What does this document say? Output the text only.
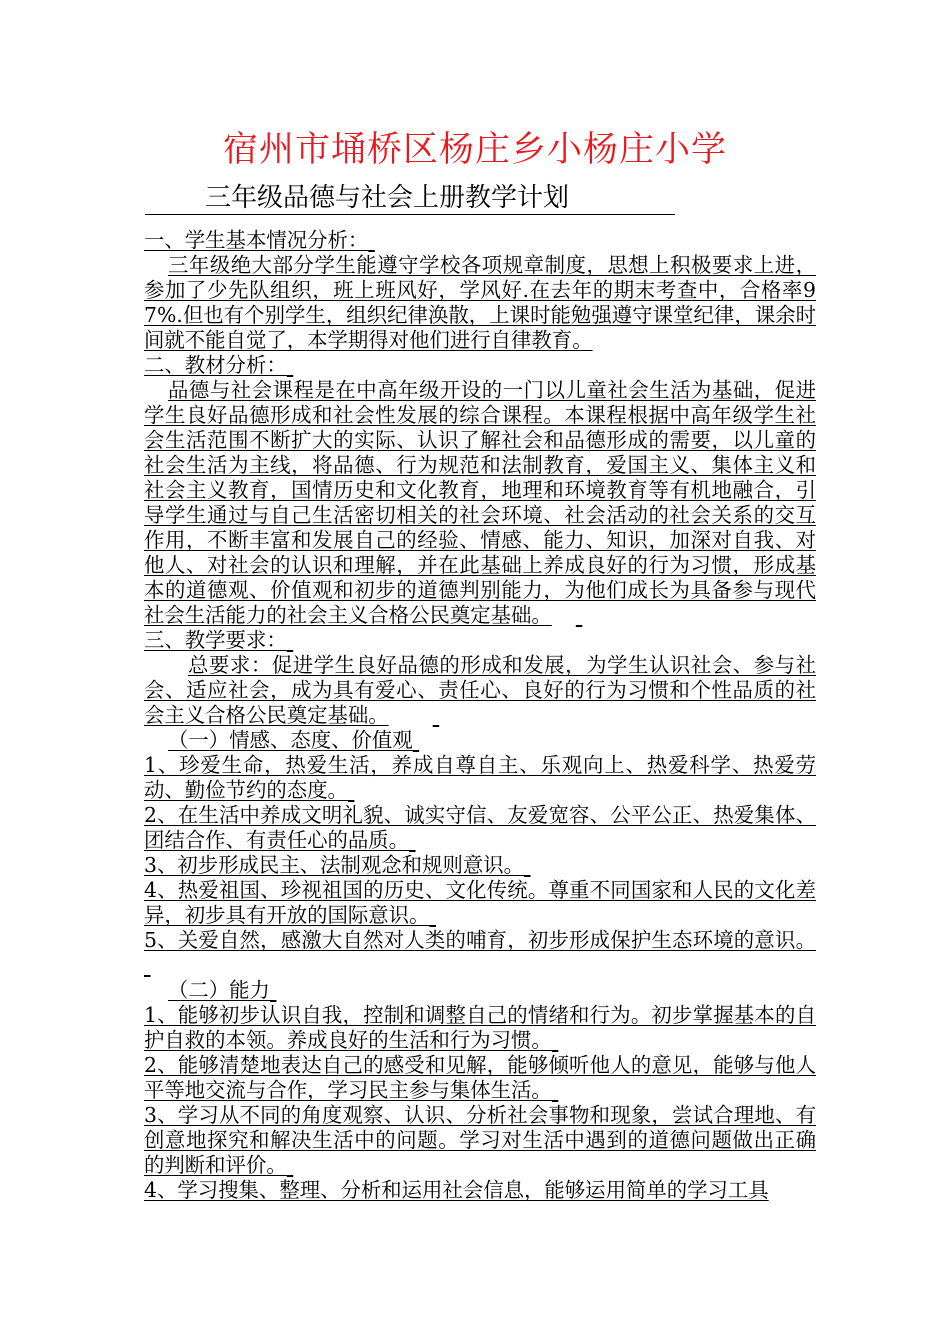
宿州市埇桥区杨庄乡小杨庄小学
三年级品德与社会上册教学计划

一、学生基本情况分析：

三年级绝大部分学生能遵守学校各项规章制度，思想上积极要求上进，参加了少先队组织，班上班风好，学风好.在去年的期末考查中，合格率97%.但也有个别学生，组织纪律涣散，上课时能勉强遵守课堂纪律，课余时间就不能自觉了，本学期得对他们进行自律教育。

二、教材分析：

品德与社会课程是在中高年级开设的一门以儿童社会生活为基础，促进学生良好品德形成和社会性发展的综合课程。本课程根据中高年级学生社会生活范围不断扩大的实际、认识了解社会和品德形成的需要，以儿童的社会生活为主线，将品德、行为规范和法制教育，爱国主义、集体主义和社会主义教育，国情历史和文化教育，地理和环境教育等有机地融合，引导学生通过与自己生活密切相关的社会环境、社会活动的社会关系的交互作用，不断丰富和发展自己的经验、情感、能力、知识，加深对自我、对他人、对社会的认识和理解，并在此基础上养成良好的行为习惯，形成基本的道德观、价值观和初步的道德判别能力，为他们成长为具备参与现代社会生活能力的社会主义合格公民奠定基础。

三、教学要求：

总要求：促进学生良好品德的形成和发展，为学生认识社会、参与社会、适应社会，成为具有爱心、责任心、良好的行为习惯和个性品质的社会主义合格公民奠定基础。

（一）情感、态度、价值观

1、珍爱生命，热爱生活，养成自尊自主、乐观向上、热爱科学、热爱劳动、勤俭节约的态度。

2、在生活中养成文明礼貌、诚实守信、友爱宽容、公平公正、热爱集体、团结合作、有责任心的品质。

3、初步形成民主、法制观念和规则意识。

4、热爱祖国、珍视祖国的历史、文化传统。尊重不同国家和人民的文化差异，初步具有开放的国际意识。

5、关爱自然，感激大自然对人类的哺育，初步形成保护生态环境的意识。

（二）能力

1、能够初步认识自我，控制和调整自己的情绪和行为。初步掌握基本的自护自救的本领。养成良好的生活和行为习惯。

2、能够清楚地表达自己的感受和见解，能够倾听他人的意见，能够与他人平等地交流与合作，学习民主参与集体生活。

3、学习从不同的角度观察、认识、分析社会事物和现象，尝试合理地、有创意地探究和解决生活中的问题。学习对生活中遇到的道德问题做出正确的判断和评价。

4、学习搜集、整理、分析和运用社会信息，能够运用简单的学习工具
